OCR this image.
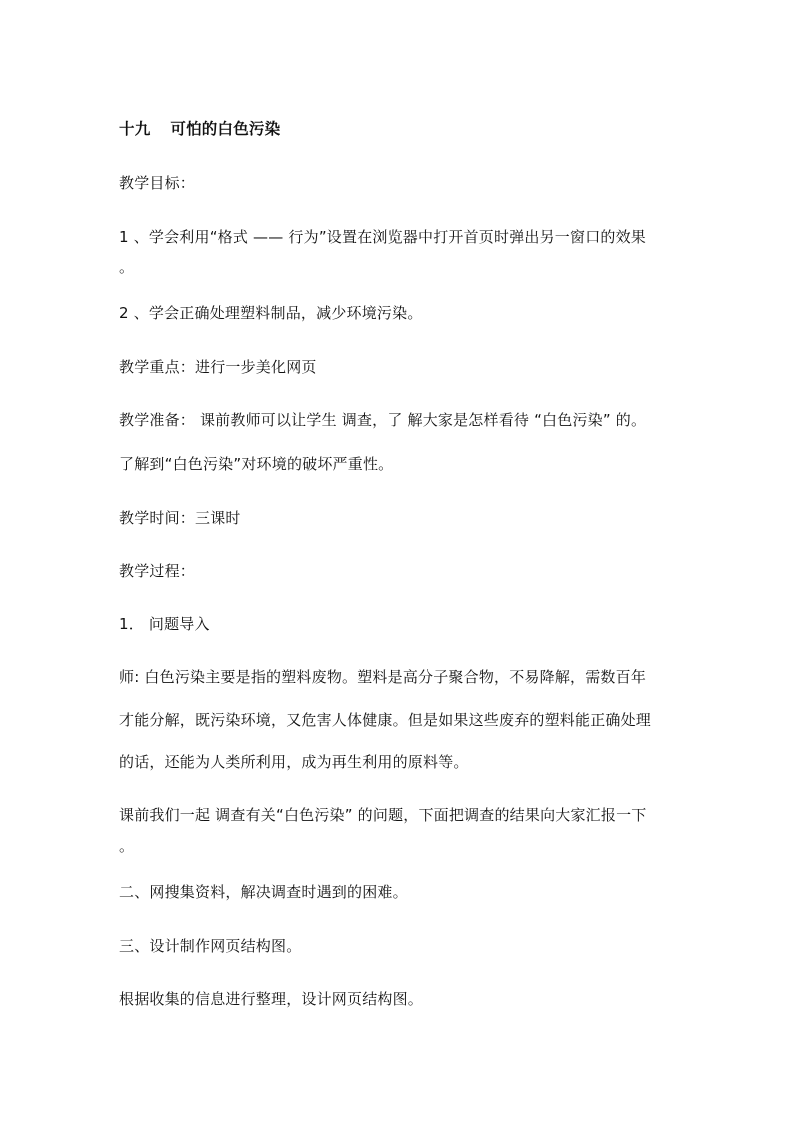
十九 可怕的白色污染
教学目标：
1 、学会利用“格式 —— 行为”设置在浏览器中打开首页时弹出另一窗口的效果
。
2 、学会正确处理塑料制品，减少环境污染。
教学重点：进行一步美化网页
教学准备： 课前教师可以让学生 调查，了 解大家是怎样看待 “白色污染” 的。
了解到“白色污染”对环境的破坏严重性。
教学时间：三课时
教学过程：
1． 问题导入
师: 白色污染主要是指的塑料废物。塑料是高分子聚合物，不易降解，需数百年
才能分解，既污染环境，又危害人体健康。但是如果这些废弃的塑料能正确处理
的话，还能为人类所利用，成为再生利用的原料等。
课前我们一起 调查有关“白色污染” 的问题，下面把调查的结果向大家汇报一下
。
二、网搜集资料，解决调查时遇到的困难。
三、设计制作网页结构图。
根据收集的信息进行整理，设计网页结构图。
